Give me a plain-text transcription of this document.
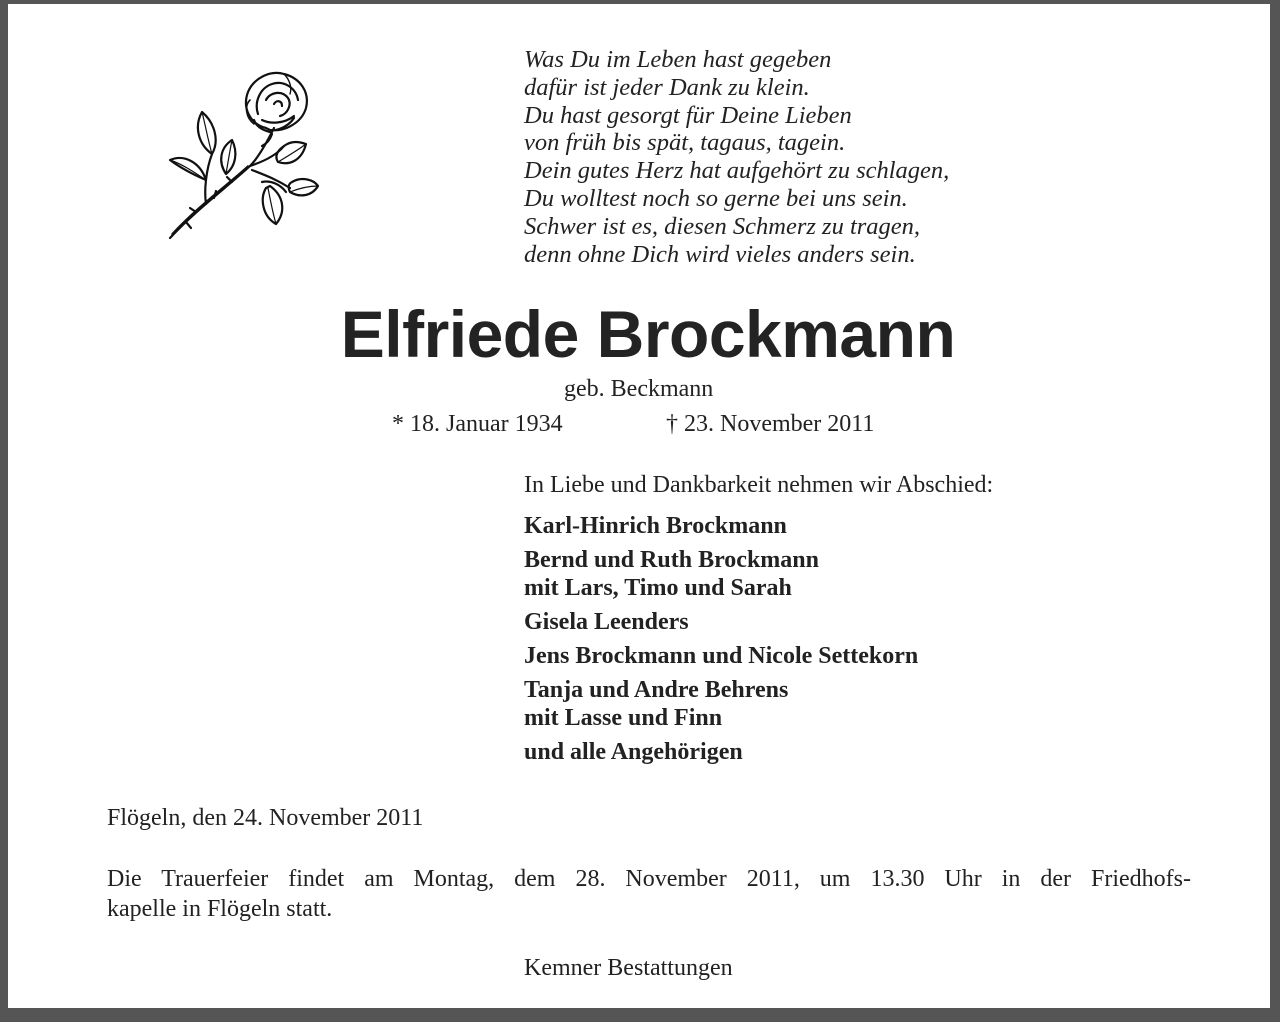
Was Du im Leben hast gegeben
dafür ist jeder Dank zu klein.
Du hast gesorgt für Deine Lieben
von früh bis spät, tagaus, tagein.
Dein gutes Herz hat aufgehört zu schlagen,
Du wolltest noch so gerne bei uns sein.
Schwer ist es, diesen Schmerz zu tragen,
denn ohne Dich wird vieles anders sein.
Elfriede Brockmann
geb. Beckmann
* 18. Januar 1934	† 23. November 2011
In Liebe und Dankbarkeit nehmen wir Abschied:
Karl-Hinrich Brockmann
Bernd und Ruth Brockmann
mit Lars, Timo und Sarah
Gisela Leenders
Jens Brockmann und Nicole Settekorn
Tanja und Andre Behrens
mit Lasse und Finn
und alle Angehörigen
Flögeln, den 24. November 2011
Die Trauerfeier findet am Montag, dem 28. November 2011, um 13.30 Uhr in der Friedhofs-
kapelle in Flögeln statt.
Kemner Bestattungen
